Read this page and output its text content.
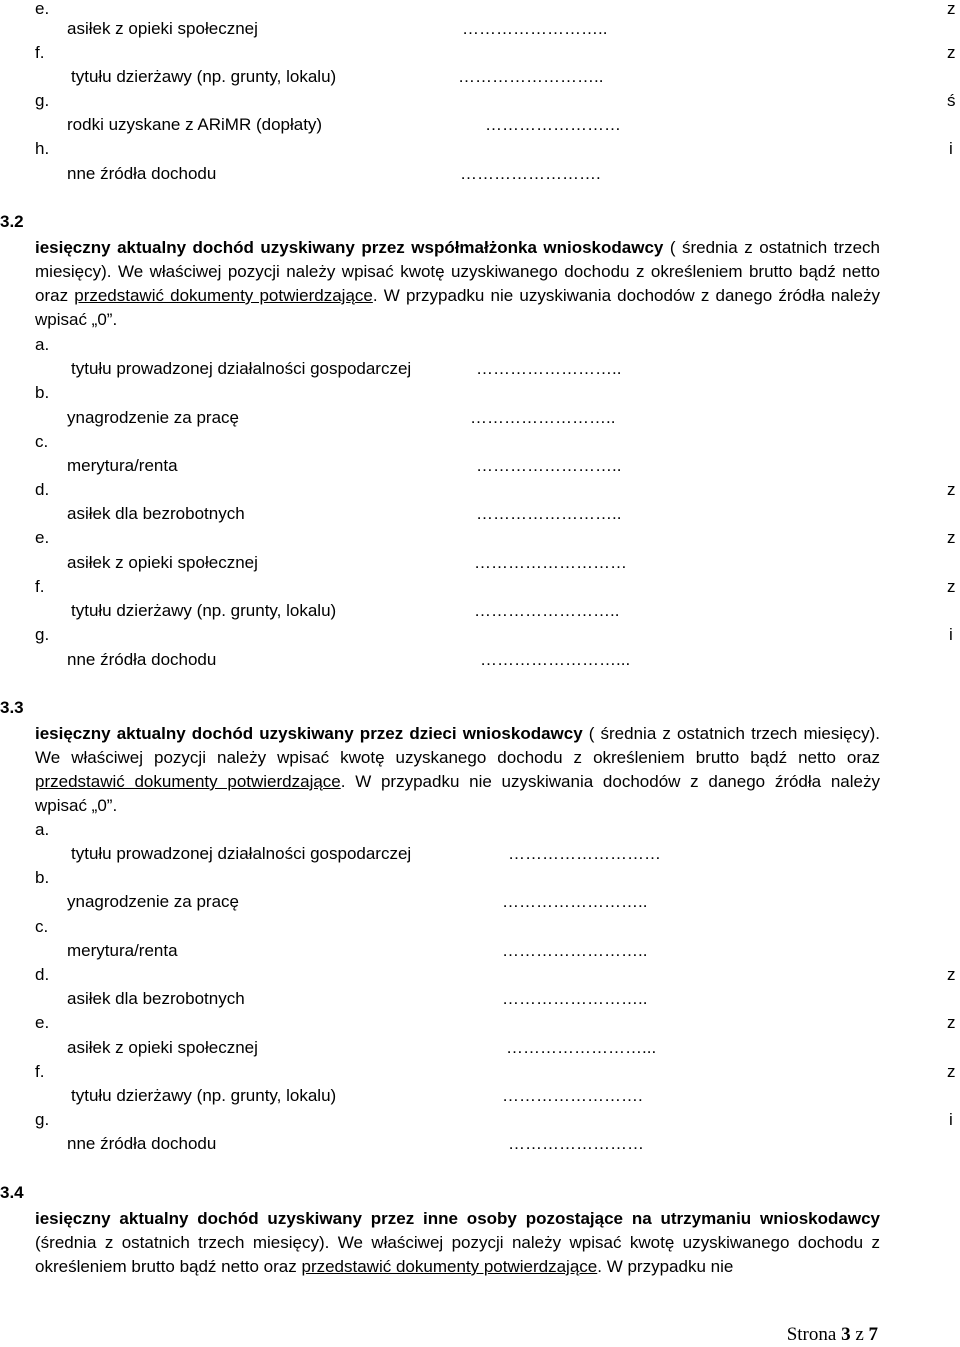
e.
asiłek z opieki społecznej	……………………..
z
f.
tytułu dzierżawy (np. grunty, lokalu)	……………………..
z
g.
rodki uzyskane z ARiMR (dopłaty)	……………………
ś
h.
nne źródła dochodu	…………………….
i
3.2
iesięczny aktualny dochód uzyskiwany przez współmałżonka wnioskodawcy ( średnia z ostatnich trzech miesięcy). We właściwej pozycji należy wpisać kwotę uzyskiwanego dochodu z określeniem brutto bądź netto oraz przedstawić dokumenty potwierdzające. W przypadku nie uzyskiwania dochodów z danego źródła należy wpisać „0”.
a.
tytułu prowadzonej działalności gospodarczej	……………………..
b.
ynagrodzenie za pracę	……………………..
c.
merytura/renta	……………………..
d.
asiłek dla bezrobotnych	……………………..
z
e.
asiłek z opieki społecznej	………………………
z
f.
tytułu dzierżawy (np. grunty, lokalu)	……………………..
z
g.
nne źródła dochodu	……………………...
i
3.3
iesięczny aktualny dochód uzyskiwany przez dzieci wnioskodawcy ( średnia z ostatnich trzech miesięcy). We właściwej pozycji należy wpisać kwotę uzyskanego dochodu z określeniem brutto bądź netto oraz przedstawić dokumenty potwierdzające. W przypadku nie uzyskiwania dochodów z danego źródła należy wpisać „0”.
a.
tytułu prowadzonej działalności gospodarczej	………………………
b.
ynagrodzenie za pracę	……………………..
c.
merytura/renta	……………………..
d.
asiłek dla bezrobotnych	……………………..
z
e.
asiłek z opieki społecznej	……………………...
z
f.
tytułu dzierżawy (np. grunty, lokalu)	…………………….
z
g.
nne źródła dochodu	……………………
i
3.4
iesięczny aktualny dochód uzyskiwany przez inne osoby pozostające na utrzymaniu wnioskodawcy (średnia z ostatnich trzech miesięcy). We właściwej pozycji należy wpisać kwotę uzyskiwanego dochodu z określeniem brutto bądź netto oraz przedstawić dokumenty potwierdzające. W przypadku nie
Strona 3 z 7
